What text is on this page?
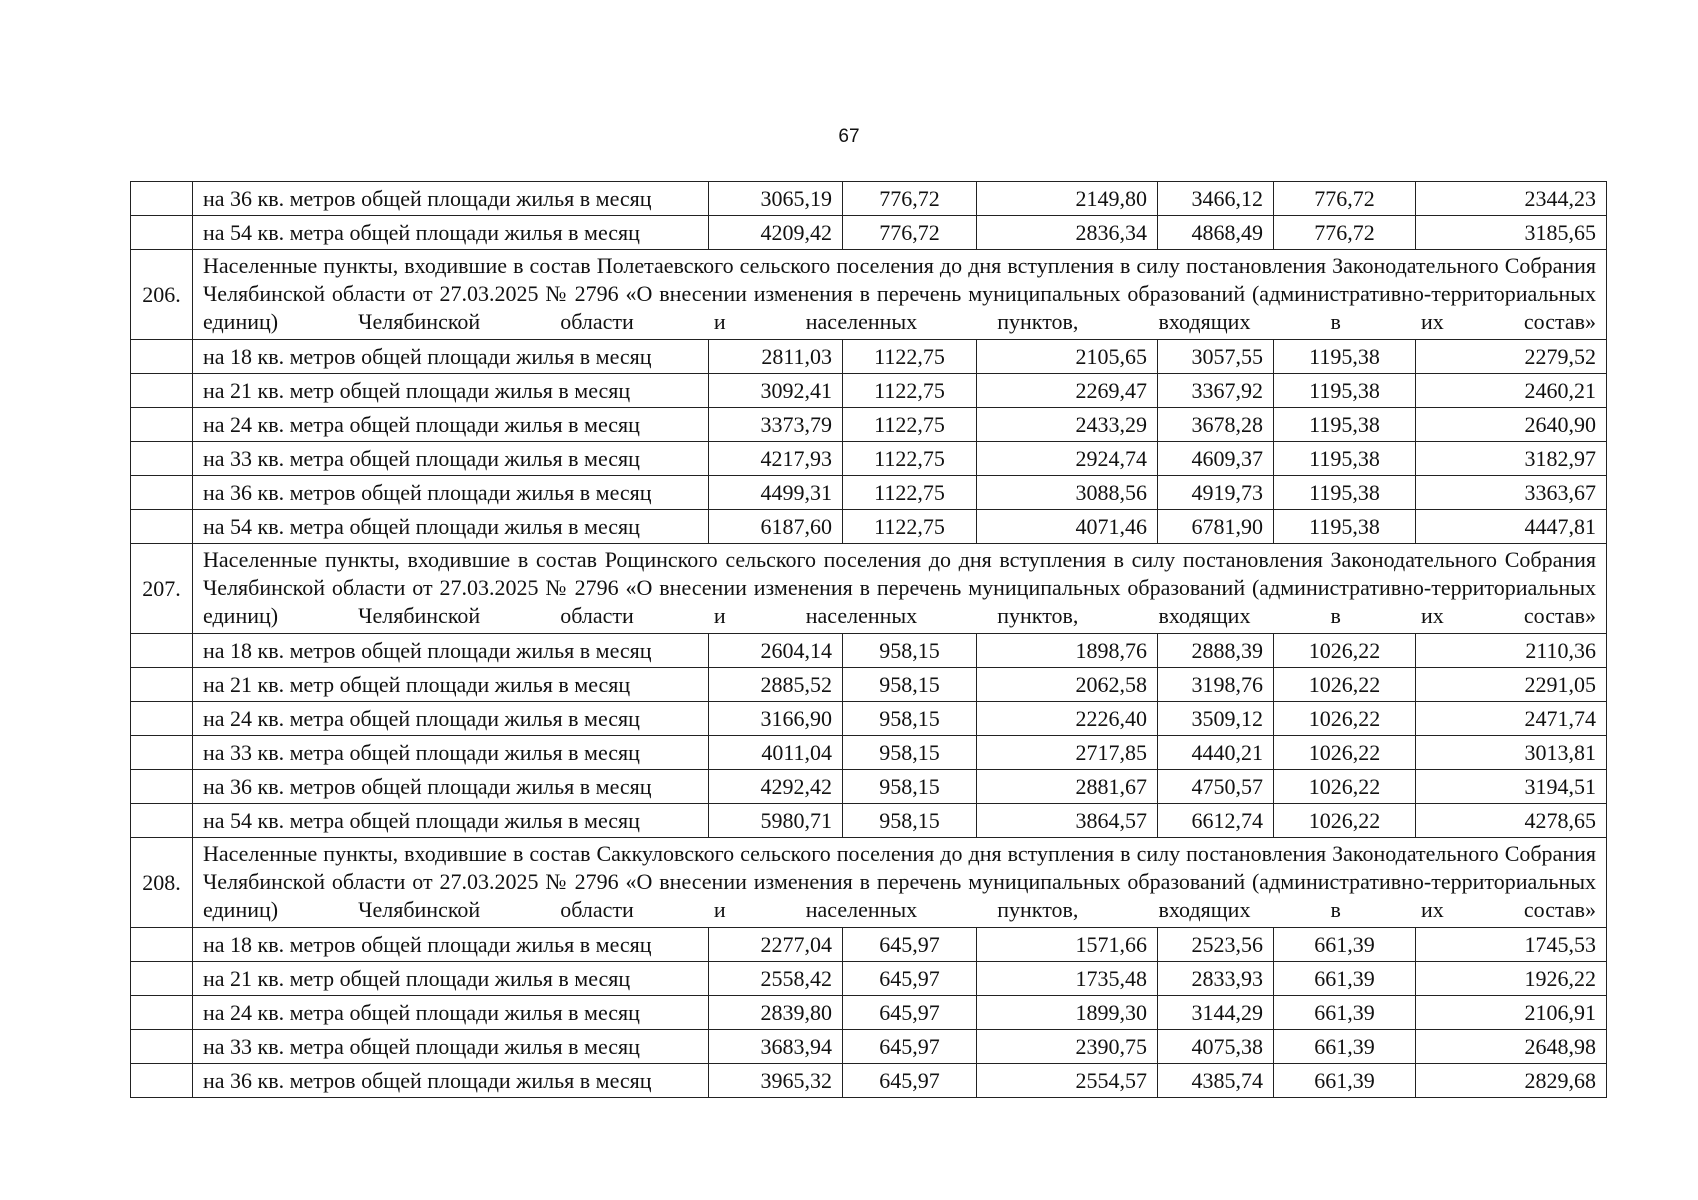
67
	на 36 кв. метров общей площади жилья в месяц	3065,19	776,72	2149,80	3466,12	776,72	2344,23
	на 54 кв. метра общей площади жилья в месяц	4209,42	776,72	2836,34	4868,49	776,72	3185,65
206.	Населенные пункты, входившие в состав Полетаевского сельского поселения до дня вступления в силу постановления Законодательного Собрания Челябинской области от 27.03.2025 № 2796 «О внесении изменения в перечень муниципальных образований (административно-территориальных единиц) Челябинской области и населенных пунктов, входящих в их состав»						
	на 18 кв. метров общей площади жилья в месяц	2811,03	1122,75	2105,65	3057,55	1195,38	2279,52
	на 21 кв. метр общей площади жилья в месяц	3092,41	1122,75	2269,47	3367,92	1195,38	2460,21
	на 24 кв. метра общей площади жилья в месяц	3373,79	1122,75	2433,29	3678,28	1195,38	2640,90
	на 33 кв. метра общей площади жилья в месяц	4217,93	1122,75	2924,74	4609,37	1195,38	3182,97
	на 36 кв. метров общей площади жилья в месяц	4499,31	1122,75	3088,56	4919,73	1195,38	3363,67
	на 54 кв. метра общей площади жилья в месяц	6187,60	1122,75	4071,46	6781,90	1195,38	4447,81
207.	Населенные пункты, входившие в состав Рощинского сельского поселения до дня вступления в силу постановления Законодательного Собрания Челябинской области от 27.03.2025 № 2796 «О внесении изменения в перечень муниципальных образований (административно-территориальных единиц) Челябинской области и населенных пунктов, входящих в их состав»						
	на 18 кв. метров общей площади жилья в месяц	2604,14	958,15	1898,76	2888,39	1026,22	2110,36
	на 21 кв. метр общей площади жилья в месяц	2885,52	958,15	2062,58	3198,76	1026,22	2291,05
	на 24 кв. метра общей площади жилья в месяц	3166,90	958,15	2226,40	3509,12	1026,22	2471,74
	на 33 кв. метра общей площади жилья в месяц	4011,04	958,15	2717,85	4440,21	1026,22	3013,81
	на 36 кв. метров общей площади жилья в месяц	4292,42	958,15	2881,67	4750,57	1026,22	3194,51
	на 54 кв. метра общей площади жилья в месяц	5980,71	958,15	3864,57	6612,74	1026,22	4278,65
208.	Населенные пункты, входившие в состав Саккуловского сельского поселения до дня вступления в силу постановления Законодательного Собрания Челябинской области от 27.03.2025 № 2796 «О внесении изменения в перечень муниципальных образований (административно-территориальных единиц) Челябинской области и населенных пунктов, входящих в их состав»						
	на 18 кв. метров общей площади жилья в месяц	2277,04	645,97	1571,66	2523,56	661,39	1745,53
	на 21 кв. метр общей площади жилья в месяц	2558,42	645,97	1735,48	2833,93	661,39	1926,22
	на 24 кв. метра общей площади жилья в месяц	2839,80	645,97	1899,30	3144,29	661,39	2106,91
	на 33 кв. метра общей площади жилья в месяц	3683,94	645,97	2390,75	4075,38	661,39	2648,98
	на 36 кв. метров общей площади жилья в месяц	3965,32	645,97	2554,57	4385,74	661,39	2829,68
